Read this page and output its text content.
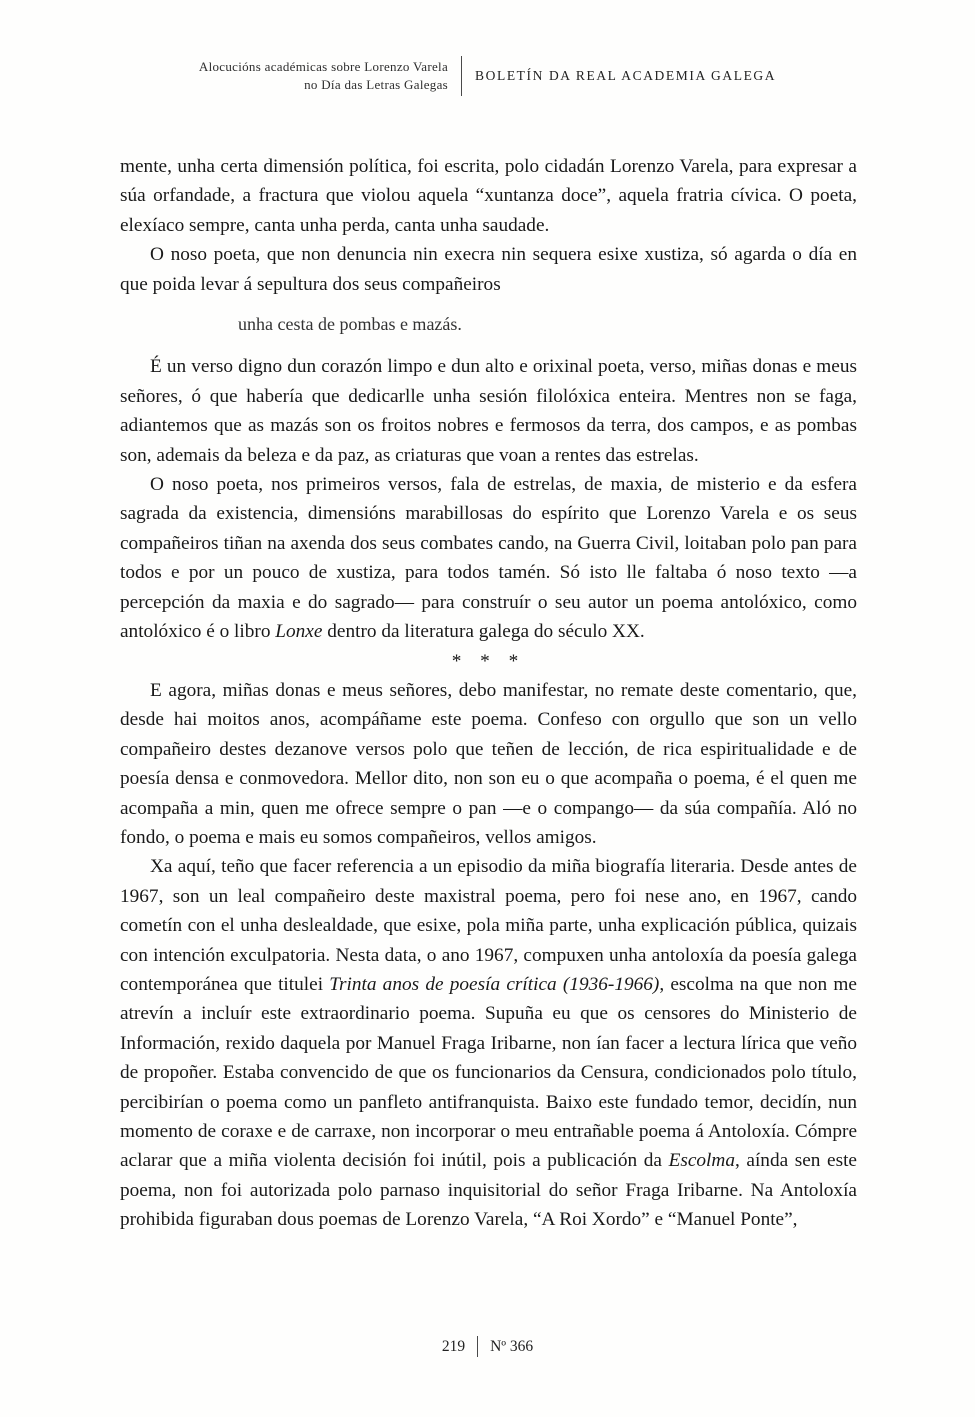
Alocucións académicas sobre Lorenzo Varela
no Día das Letras Galegas
BOLETÍN DA REAL ACADEMIA GALEGA

mente, unha certa dimensión política, foi escrita, polo cidadán Lorenzo Varela, para expresar a súa orfandade, a fractura que violou aquela “xuntanza doce”, aquela fratria cívica. O poeta, elexíaco sempre, canta unha perda, canta unha saudade.

O noso poeta, que non denuncia nin execra nin sequera esixe xustiza, só agarda o día en que poida levar á sepultura dos seus compañeiros

unha cesta de pombas e mazás.

É un verso digno dun corazón limpo e dun alto e orixinal poeta, verso, miñas donas e meus señores, ó que habería que dedicarlle unha sesión filolóxica enteira. Mentres non se faga, adiantemos que as mazás son os froitos nobres e fermosos da terra, dos campos, e as pombas son, ademais da beleza e da paz, as criaturas que voan a rentes das estrelas.

O noso poeta, nos primeiros versos, fala de estrelas, de maxia, de misterio e da esfera sagrada da existencia, dimensións marabillosas do espírito que Lorenzo Varela e os seus compañeiros tiñan na axenda dos seus combates cando, na Guerra Civil, loitaban polo pan para todos e por un pouco de xustiza, para todos tamén. Só isto lle faltaba ó noso texto —a percepción da maxia e do sagrado— para construír o seu autor un poema antolóxico, como antolóxico é o libro Lonxe dentro da literatura galega do século XX.

* * *

E agora, miñas donas e meus señores, debo manifestar, no remate deste comentario, que, desde hai moitos anos, acompáñame este poema. Confeso con orgullo que son un vello compañeiro destes dezanove versos polo que teñen de lección, de rica espiritualidade e de poesía densa e conmovedora. Mellor dito, non son eu o que acompaña o poema, é el quen me acompaña a min, quen me ofrece sempre o pan —e o compango— da súa compañía. Aló no fondo, o poema e mais eu somos compañeiros, vellos amigos.

Xa aquí, teño que facer referencia a un episodio da miña biografía literaria. Desde antes de 1967, son un leal compañeiro deste maxistral poema, pero foi nese ano, en 1967, cando cometín con el unha deslealdade, que esixe, pola miña parte, unha explicación pública, quizais con intención exculpatoria. Nesta data, o ano 1967, compuxen unha antoloxía da poesía galega contemporánea que titulei Trinta anos de poesía crítica (1936-1966), escolma na que non me atrevín a incluír este extraordinario poema. Supuña eu que os censores do Ministerio de Información, rexido daquela por Manuel Fraga Iribarne, non ían facer a lectura lírica que veño de propoñer. Estaba convencido de que os funcionarios da Censura, condicionados polo título, percibirían o poema como un panfleto antifranquista. Baixo este fundado temor, decidín, nun momento de coraxe e de carraxe, non incorporar o meu entrañable poema á Antoloxía. Cómpre aclarar que a miña violenta decisión foi inútil, pois a publicación da Escolma, aínda sen este poema, non foi autorizada polo parnaso inquisitorial do señor Fraga Iribarne. Na Antoloxía prohibida figuraban dous poemas de Lorenzo Varela, “A Roi Xordo” e “Manuel Ponte”,

219	Nº 366
